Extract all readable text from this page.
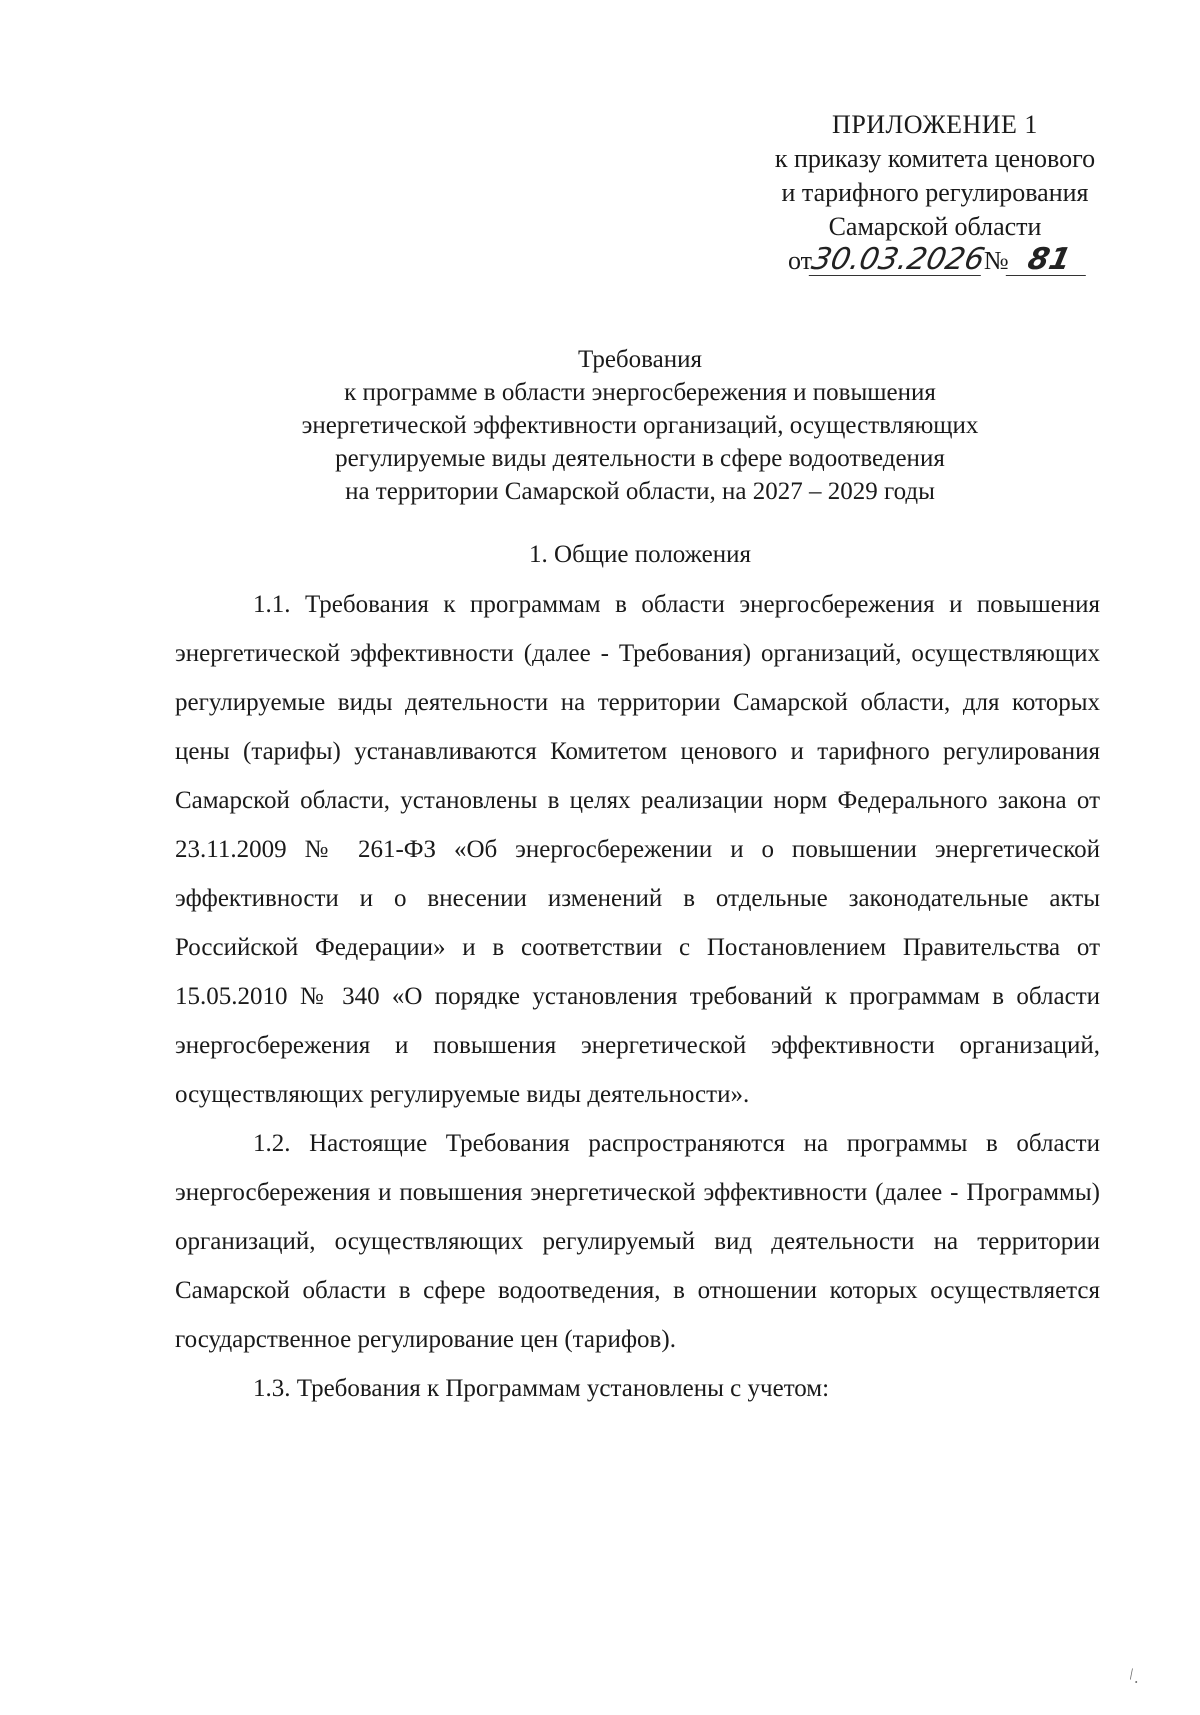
ПРИЛОЖЕНИЕ 1
к приказу комитета ценового
и тарифного регулирования
Самарской области
от30.03.2026№ 81
Требования
к программе в области энергосбережения и повышения
энергетической эффективности организаций, осуществляющих
регулируемые виды деятельности в сфере водоотведения
на территории Самарской области, на 2027 – 2029 годы
1. Общие положения

1.1. Требования к программам в области энергосбережения и повышения энергетической эффективности (далее - Требования) организаций, осуществляющих регулируемые виды деятельности на территории Самарской области, для которых цены (тарифы) устанавливаются Комитетом ценового и тарифного регулирования Самарской области, установлены в целях реализации норм Федерального закона от 23.11.2009 № 261-ФЗ «Об энергосбережении и о повышении энергетической эффективности и о внесении изменений в отдельные законодательные акты Российской Федерации» и в соответствии с Постановлением Правительства от 15.05.2010 № 340 «О порядке установления требований к программам в области энергосбережения и повышения энергетической эффективности организаций, осуществляющих регулируемые виды деятельности».

1.2. Настоящие Требования распространяются на программы в области энергосбережения и повышения энергетической эффективности (далее - Программы) организаций, осуществляющих регулируемый вид деятельности на территории Самарской области в сфере водоотведения, в отношении которых осуществляется государственное регулирование цен (тарифов).

1.3. Требования к Программам установлены с учетом:

\ .
